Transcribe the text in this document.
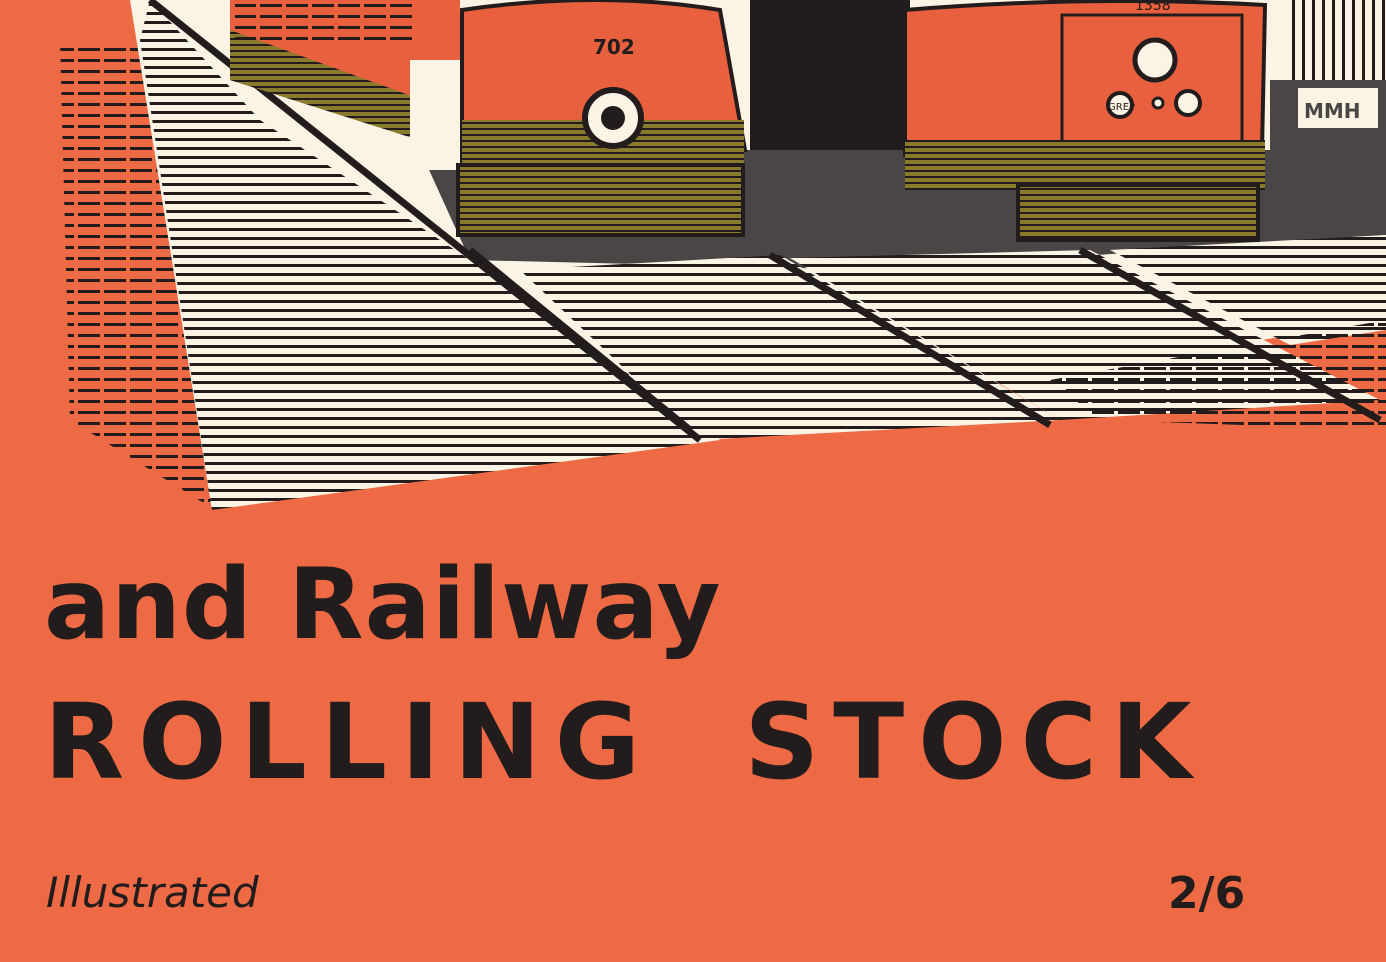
702
1358
GREP	MMH
and Railway
ROLLING STOCK

Illustrated	2/6
